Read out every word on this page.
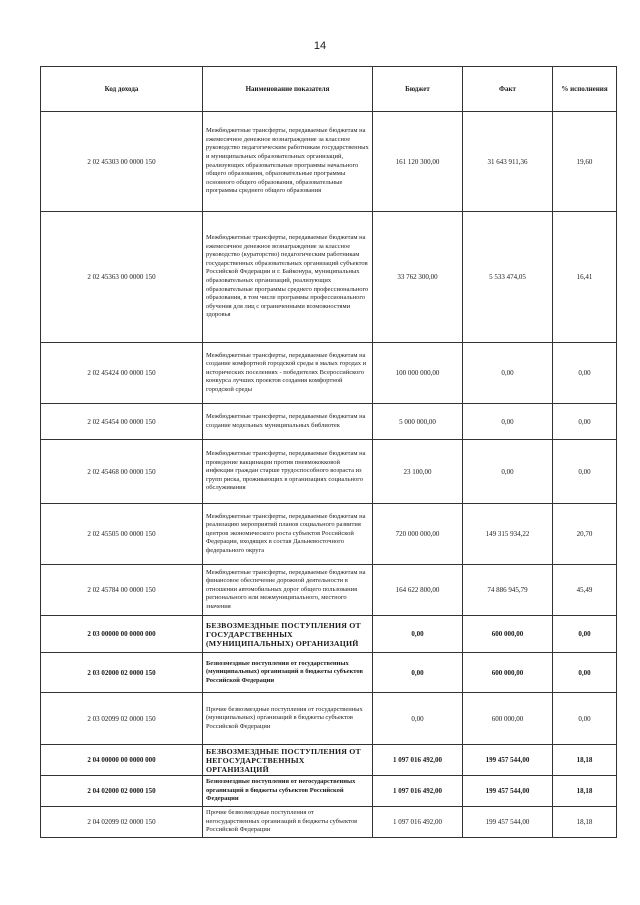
14
Код дохода	Наименование показателя	Бюджет	Факт	% исполнения
2 02 45303 00 0000 150	Межбюджетные трансферты, передаваемые бюджетам на ежемесячное денежное вознаграждение за классное руководство педагогическим работникам государственных и муниципальных образовательных организаций, реализующих образовательные программы начального общего образования, образовательные программы основного общего образования, образовательные программы среднего общего образования	161 120 300,00	31 643 911,36	19,60
2 02 45363 00 0000 150	Межбюджетные трансферты, передаваемые бюджетам на ежемесячное денежное вознаграждение за классное руководство (кураторство) педагогическим работникам государственных образовательных организаций субъектов Российской Федерации и г. Байконура, муниципальных образовательных организаций, реализующих образовательные программы среднего профессионального образования, в том числе программы профессионального обучения для лиц с ограниченными возможностями здоровья	33 762 300,00	5 533 474,05	16,41
2 02 45424 00 0000 150	Межбюджетные трансферты, передаваемые бюджетам на создание комфортной городской среды в малых городах и исторических поселениях - победителях Всероссийского конкурса лучших проектов создания комфортной городской среды	100 000 000,00	0,00	0,00
2 02 45454 00 0000 150	Межбюджетные трансферты, передаваемые бюджетам на создание модельных муниципальных библиотек	5 000 000,00	0,00	0,00
2 02 45468 00 0000 150	Межбюджетные трансферты, передаваемые бюджетам на проведение вакцинации против пневмококковой инфекции граждан старше трудоспособного возраста из групп риска, проживающих в организациях социального обслуживания	23 100,00	0,00	0,00
2 02 45505 00 0000 150	Межбюджетные трансферты, передаваемые бюджетам на реализацию мероприятий планов социального развития центров экономического роста субъектов Российской Федерации, входящих в состав Дальневосточного федерального округа	720 000 000,00	149 315 934,22	20,70
2 02 45784 00 0000 150	Межбюджетные трансферты, передаваемые бюджетам на финансовое обеспечение дорожной деятельности в отношении автомобильных дорог общего пользования регионального или межмуниципального, местного значения	164 622 800,00	74 886 945,79	45,49
2 03 00000 00 0000 000	БЕЗВОЗМЕЗДНЫЕ ПОСТУПЛЕНИЯ ОТ ГОСУДАРСТВЕННЫХ (МУНИЦИПАЛЬНЫХ) ОРГАНИЗАЦИЙ	0,00	600 000,00	0,00
2 03 02000 02 0000 150	Безвозмездные поступления от государственных (муниципальных) организаций в бюджеты субъектов Российской Федерации	0,00	600 000,00	0,00
2 03 02099 02 0000 150	Прочие безвозмездные поступления от государственных (муниципальных) организаций в бюджеты субъектов Российской Федерации	0,00	600 000,00	0,00
2 04 00000 00 0000 000	БЕЗВОЗМЕЗДНЫЕ ПОСТУПЛЕНИЯ ОТ НЕГОСУДАРСТВЕННЫХ ОРГАНИЗАЦИЙ	1 097 016 492,00	199 457 544,00	18,18
2 04 02000 02 0000 150	Безвозмездные поступления от негосударственных организаций в бюджеты субъектов Российской Федерации	1 097 016 492,00	199 457 544,00	18,18
2 04 02099 02 0000 150	Прочие безвозмездные поступления от негосударственных организаций в бюджеты субъектов Российской Федерации	1 097 016 492,00	199 457 544,00	18,18
